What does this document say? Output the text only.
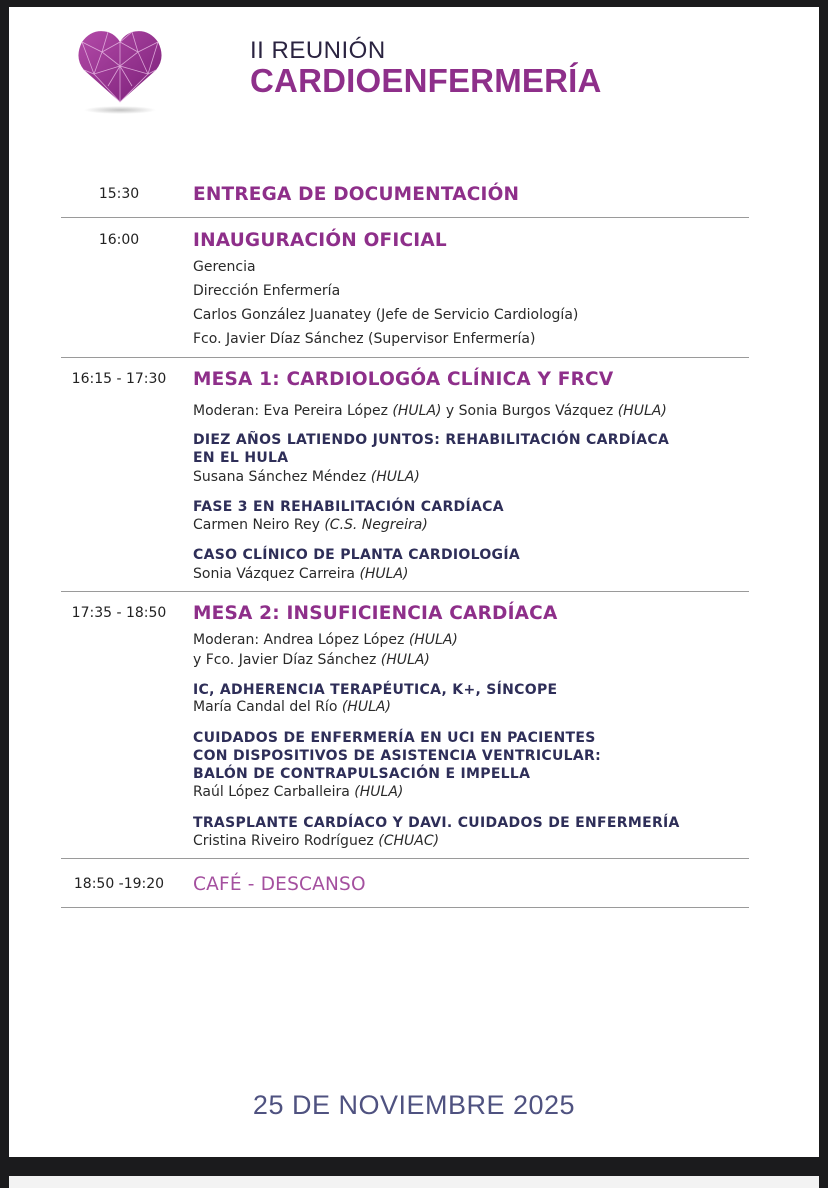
II REUNIÓN
CARDIOENFERMERÍA
15:30	ENTREGA DE DOCUMENTACIÓN
16:00	INAUGURACIÓN OFICIAL
Gerencia
Dirección Enfermería
Carlos González Juanatey (Jefe de Servicio Cardiología)
Fco. Javier Díaz Sánchez (Supervisor Enfermería)
16:15 - 17:30	MESA 1: CARDIOLOGÓA CLÍNICA Y FRCV
Moderan: Eva Pereira López (HULA) y Sonia Burgos Vázquez (HULA)
DIEZ AÑOS LATIENDO JUNTOS: REHABILITACIÓN CARDÍACA
EN EL HULA
Susana Sánchez Méndez (HULA)
FASE 3 EN REHABILITACIÓN CARDÍACA
Carmen Neiro Rey (C.S. Negreira)
CASO CLÍNICO DE PLANTA CARDIOLOGÍA
Sonia Vázquez Carreira (HULA)
17:35 - 18:50	MESA 2: INSUFICIENCIA CARDÍACA
Moderan: Andrea López López (HULA)
y Fco. Javier Díaz Sánchez (HULA)
IC, ADHERENCIA TERAPÉUTICA, K+, SÍNCOPE
María Candal del Río (HULA)
CUIDADOS DE ENFERMERÍA EN UCI EN PACIENTES
CON DISPOSITIVOS DE ASISTENCIA VENTRICULAR:
BALÓN DE CONTRAPULSACIÓN E IMPELLA
Raúl López Carballeira (HULA)
TRASPLANTE CARDÍACO Y DAVI. CUIDADOS DE ENFERMERÍA
Cristina Riveiro Rodríguez (CHUAC)
18:50 -19:20	CAFÉ - DESCANSO
25 DE NOVIEMBRE 2025
